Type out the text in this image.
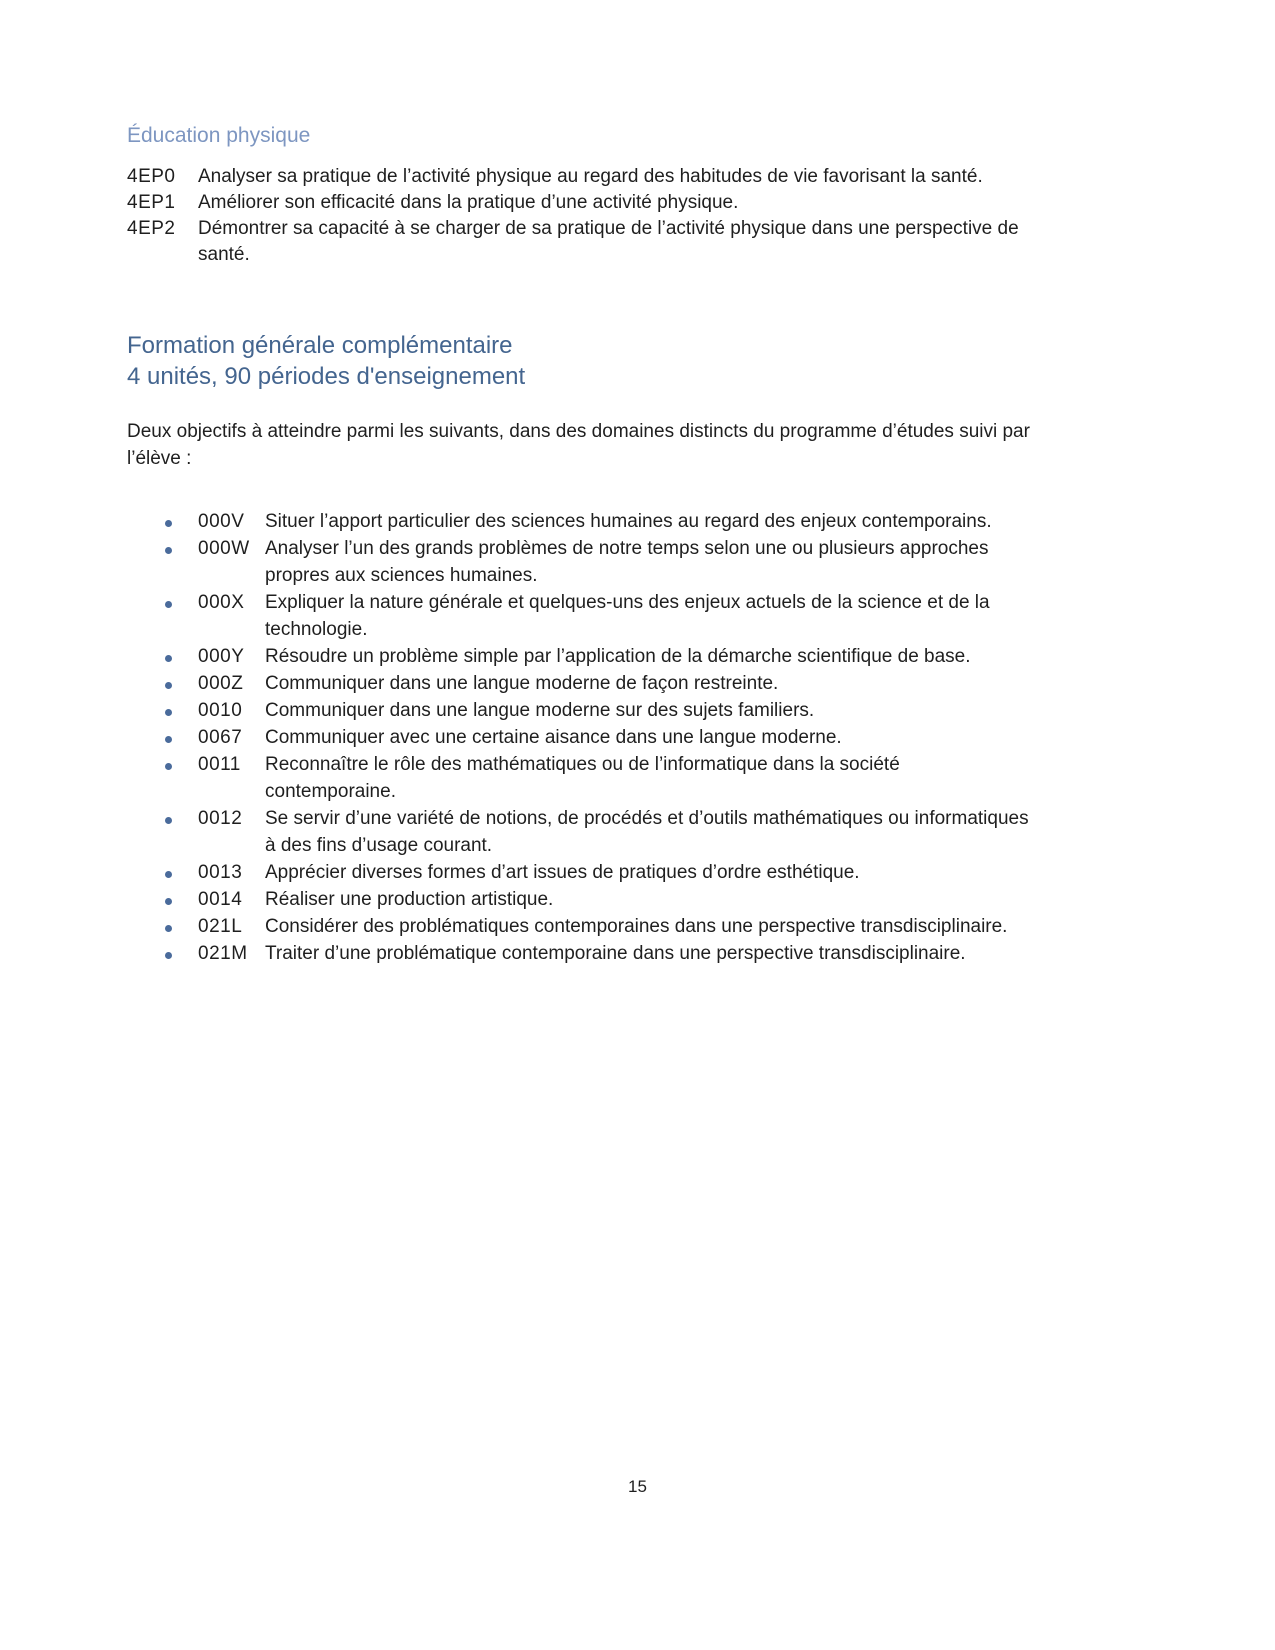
Éducation physique
4EP0	Analyser sa pratique de l’activité physique au regard des habitudes de vie favorisant la santé.
4EP1	Améliorer son efficacité dans la pratique d’une activité physique.
4EP2	Démontrer sa capacité à se charger de sa pratique de l’activité physique dans une perspective de santé.
Formation générale complémentaire
4 unités, 90 périodes d'enseignement

Deux objectifs à atteindre parmi les suivants, dans des domaines distincts du programme d’études suivi par l’élève :

000V	Situer l’apport particulier des sciences humaines au regard des enjeux contemporains.
000W Analyser l’un des grands problèmes de notre temps selon une ou plusieurs approches propres aux sciences humaines.
000X	Expliquer la nature générale et quelques-uns des enjeux actuels de la science et de la technologie.
000Y	Résoudre un problème simple par l’application de la démarche scientifique de base.
000Z	Communiquer dans une langue moderne de façon restreinte.
0010	Communiquer dans une langue moderne sur des sujets familiers.
0067	Communiquer avec une certaine aisance dans une langue moderne.
0011	Reconnaître le rôle des mathématiques ou de l’informatique dans la société contemporaine.
0012	Se servir d’une variété de notions, de procédés et d’outils mathématiques ou informatiques à des fins d’usage courant.
0013	Apprécier diverses formes d’art issues de pratiques d’ordre esthétique.
0014	Réaliser une production artistique.
021L	Considérer des problématiques contemporaines dans une perspective transdisciplinaire.
021M Traiter d’une problématique contemporaine dans une perspective transdisciplinaire.
15
